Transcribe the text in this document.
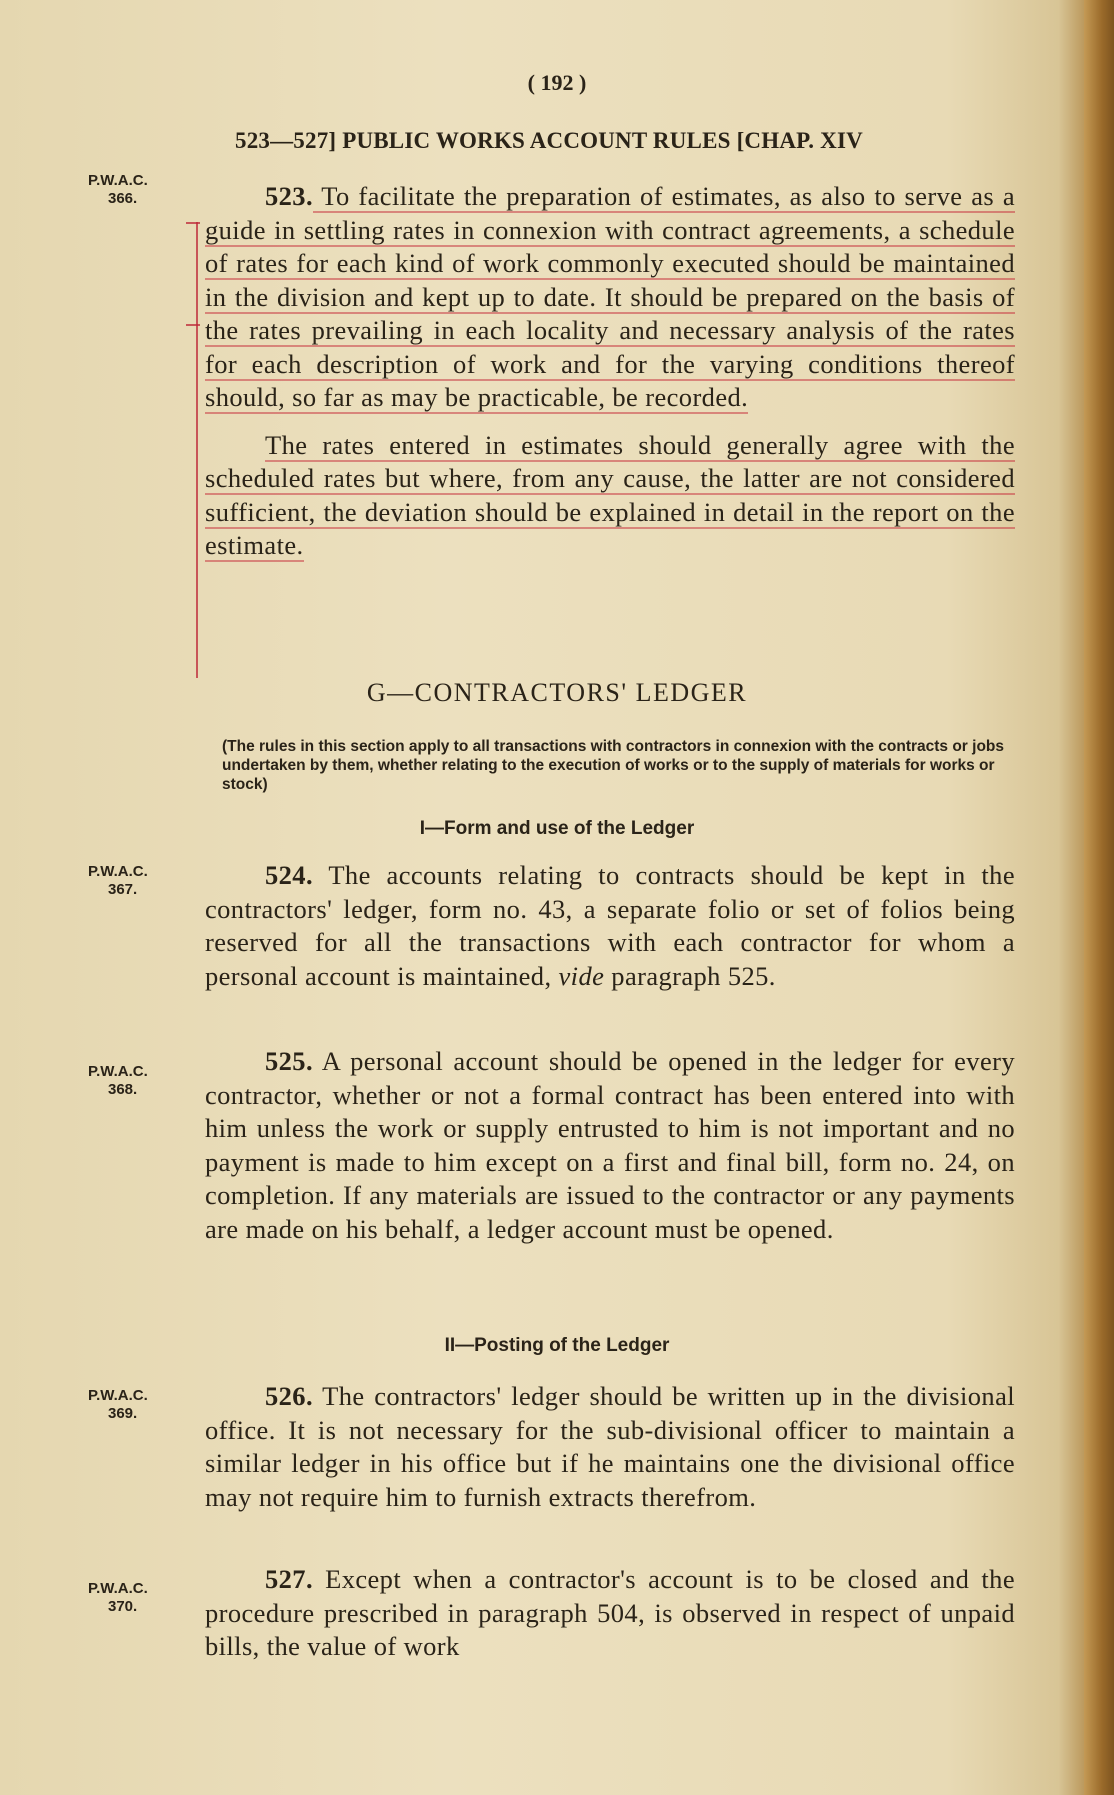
( 192 )
523—527] PUBLIC WORKS ACCOUNT RULES [CHAP. XIV
P.W.A.C.
366.
P.W.A.C.
367.
P.W.A.C.
368.
P.W.A.C.
369.
P.W.A.C.
370.

523. To facilitate the preparation of estimates, as also to serve as a guide in settling rates in connexion with contract agreements, a schedule of rates for each kind of work commonly executed should be maintained in the division and kept up to date. It should be prepared on the basis of the rates prevailing in each locality and necessary analysis of the rates for each description of work and for the varying conditions thereof should, so far as may be practicable, be recorded.

The rates entered in estimates should generally agree with the scheduled rates but where, from any cause, the latter are not considered sufficient, the deviation should be explained in detail in the report on the estimate.

G—CONTRACTORS' LEDGER
(The rules in this section apply to all transactions with contractors in connexion with the contracts or jobs undertaken by them, whether relating to the execution of works or to the supply of materials for works or stock)
I—Form and use of the Ledger

524. The accounts relating to contracts should be kept in the contractors' ledger, form no. 43, a separate folio or set of folios being reserved for all the transactions with each contractor for whom a personal account is maintained, vide paragraph 525.

525. A personal account should be opened in the ledger for every contractor, whether or not a formal contract has been entered into with him unless the work or supply entrusted to him is not important and no payment is made to him except on a first and final bill, form no. 24, on completion. If any materials are issued to the contractor or any payments are made on his behalf, a ledger account must be opened.

II—Posting of the Ledger

526. The contractors' ledger should be written up in the divisional office. It is not necessary for the sub-divisional officer to maintain a similar ledger in his office but if he maintains one the divisional office may not require him to furnish extracts therefrom.

527. Except when a contractor's account is to be closed and the procedure prescribed in paragraph 504, is observed in respect of unpaid bills, the value of work
